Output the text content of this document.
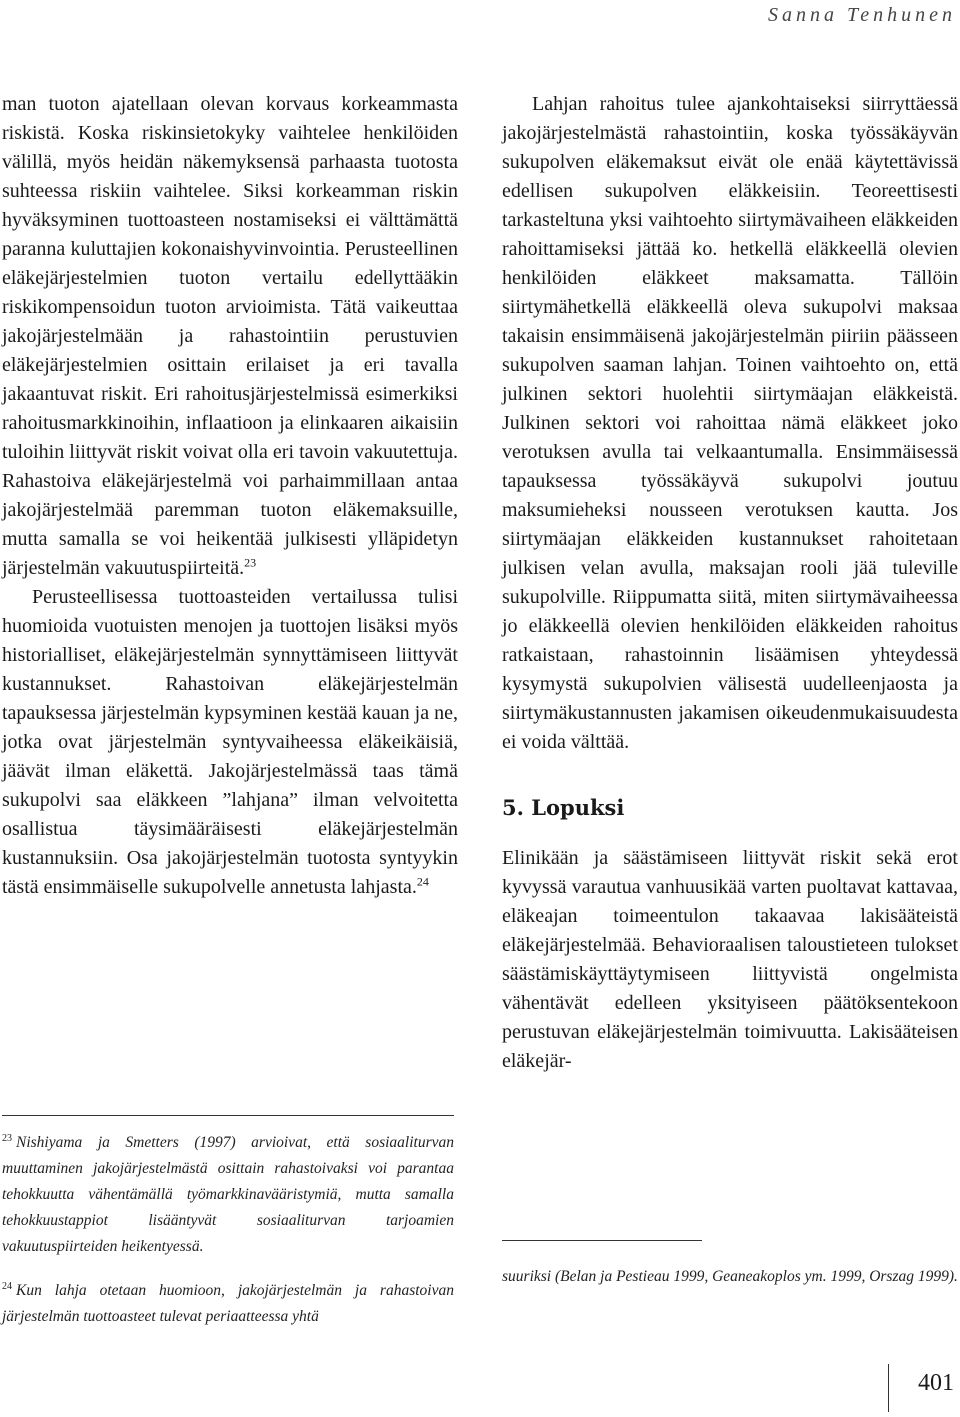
Sanna Tenhunen

man tuoton ajatellaan olevan korvaus korkeammasta riskistä. Koska riskinsietokyky vaihtelee henkilöiden välillä, myös heidän näkemyksensä parhaasta tuotosta suhteessa riskiin vaihtelee. Siksi korkeamman riskin hyväksyminen tuottoasteen nostamiseksi ei välttämättä paranna kuluttajien kokonaishyvinvointia. Perusteellinen eläkejärjestelmien tuoton vertailu edellyttääkin riskikompensoidun tuoton arvioimista. Tätä vaikeuttaa jakojärjestelmään ja rahastointiin perustuvien eläkejärjestelmien osittain erilaiset ja eri tavalla jakaantuvat riskit. Eri rahoitusjärjestelmissä esimerkiksi rahoitusmarkkinoihin, inflaatioon ja elinkaaren aikaisiin tuloihin liittyvät riskit voivat olla eri tavoin vakuutettuja. Rahastoiva eläkejärjestelmä voi parhaimmillaan antaa jakojärjestelmää paremman tuoton eläkemaksuille, mutta samalla se voi heikentää julkisesti ylläpidetyn järjestelmän vakuutuspiirteitä.$^{23}$

Perusteellisessa tuottoasteiden vertailussa tulisi huomioida vuotuisten menojen ja tuottojen lisäksi myös historialliset, eläkejärjestelmän synnyttämiseen liittyvät kustannukset. Rahastoivan eläkejärjestelmän tapauksessa järjestelmän kypsyminen kestää kauan ja ne, jotka ovat järjestelmän syntyvaiheessa eläkeikäisiä, jäävät ilman eläkettä. Jakojärjestelmässä taas tämä sukupolvi saa eläkkeen ”lahjana” ilman velvoitetta osallistua täysimääräisesti eläkejärjestelmän kustannuksiin. Osa jakojärjestelmän tuotosta syntyykin tästä ensimmäiselle sukupolvelle annetusta lahjasta.$^{24}$

$^{23}$ Nishiyama ja Smetters (1997) arvioivat, että sosiaaliturvan muuttaminen jakojärjestelmästä osittain rahastoivaksi voi parantaa tehokkuutta vähentämällä työmarkkinavääristymiä, mutta samalla tehokkuustappiot lisääntyvät sosiaaliturvan tarjoamien vakuutuspiirteiden heikentyessä.

$^{24}$ Kun lahja otetaan huomioon, jakojärjestelmän ja rahastoivan järjestelmän tuottoasteet tulevat periaatteessa yhtä

Lahjan rahoitus tulee ajankohtaiseksi siirryttäessä jakojärjestelmästä rahastointiin, koska työssäkäyvän sukupolven eläkemaksut eivät ole enää käytettävissä edellisen sukupolven eläkkeisiin. Teoreettisesti tarkasteltuna yksi vaihtoehto siirtymävaiheen eläkkeiden rahoittamiseksi jättää ko. hetkellä eläkkeellä olevien henkilöiden eläkkeet maksamatta. Tällöin siirtymähetkellä eläkkeellä oleva sukupolvi maksaa takaisin ensimmäisenä jakojärjestelmän piiriin päässeen sukupolven saaman lahjan. Toinen vaihtoehto on, että julkinen sektori huolehtii siirtymäajan eläkkeistä. Julkinen sektori voi rahoittaa nämä eläkkeet joko verotuksen avulla tai velkaantumalla. Ensimmäisessä tapauksessa työssäkäyvä sukupolvi joutuu maksumieheksi nousseen verotuksen kautta. Jos siirtymäajan eläkkeiden kustannukset rahoitetaan julkisen velan avulla, maksajan rooli jää tuleville sukupolville. Riippumatta siitä, miten siirtymävaiheessa jo eläkkeellä olevien henkilöiden eläkkeiden rahoitus ratkaistaan, rahastoinnin lisäämisen yhteydessä kysymystä sukupolvien välisestä uudelleenjaosta ja siirtymäkustannusten jakamisen oikeudenmukaisuudesta ei voida välttää.

5. Lopuksi

Elinikään ja säästämiseen liittyvät riskit sekä erot kyvyssä varautua vanhuusikää varten puoltavat kattavaa, eläkeajan toimeentulon takaavaa lakisääteistä eläkejärjestelmää. Behavioraalisen taloustieteen tulokset säästämiskäyttäytymiseen liittyvistä ongelmista vähentävät edelleen yksityiseen päätöksentekoon perustuvan eläkejärjestelmän toimivuutta. Lakisääteisen eläkejär-

suuriksi (Belan ja Pestieau 1999, Geaneakoplos ym. 1999, Orszag 1999).
401
